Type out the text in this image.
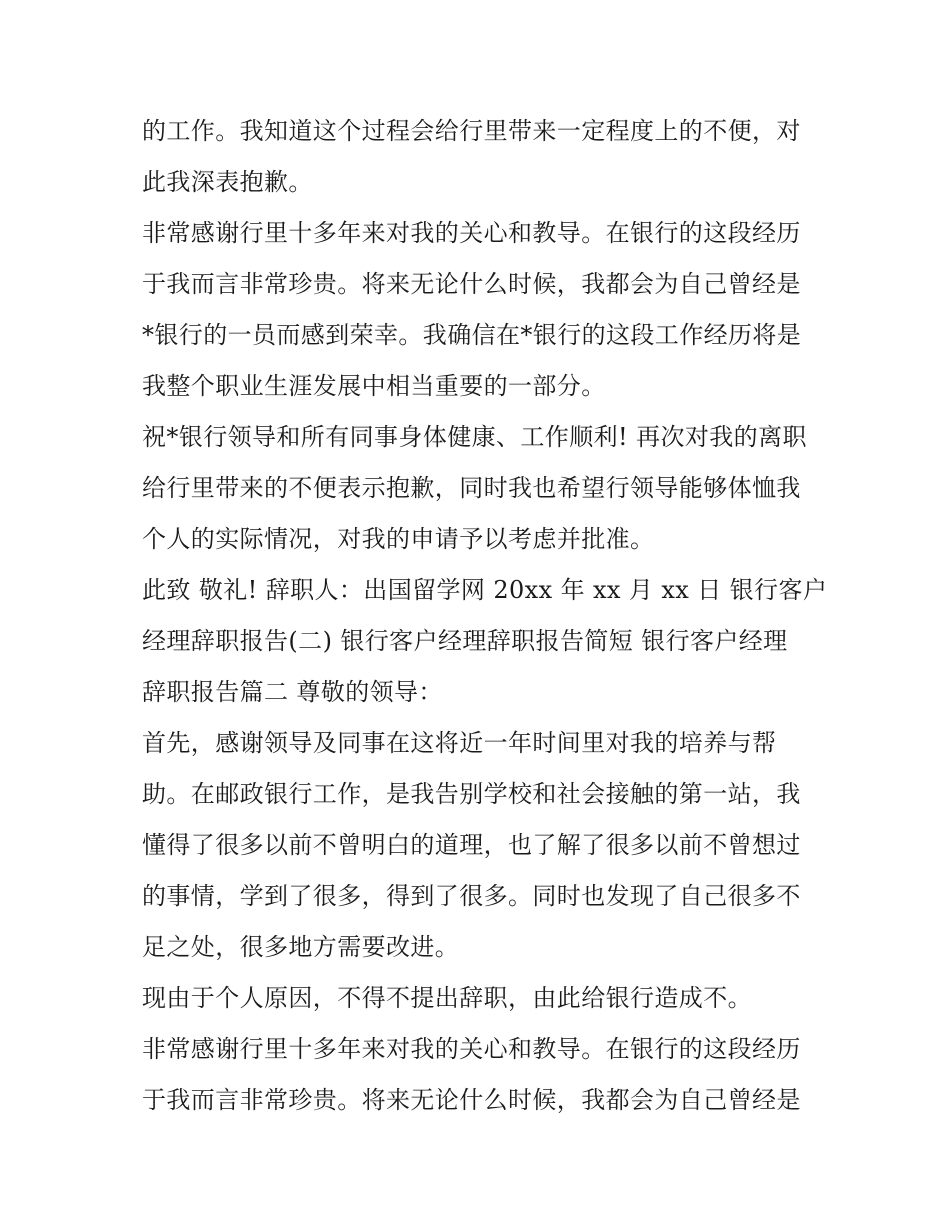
的工作。我知道这个过程会给行里带来一定程度上的不便，对
此我深表抱歉。
非常感谢行里十多年来对我的关心和教导。在银行的这段经历
于我而言非常珍贵。将来无论什么时候，我都会为自己曾经是
*银行的一员而感到荣幸。我确信在*银行的这段工作经历将是
我整个职业生涯发展中相当重要的一部分。
祝*银行领导和所有同事身体健康、工作顺利! 再次对我的离职
给行里带来的不便表示抱歉，同时我也希望行领导能够体恤我
个人的实际情况，对我的申请予以考虑并批准。
此致 敬礼! 辞职人：出国留学网 20xx 年 xx 月 xx 日 银行客户
经理辞职报告(二) 银行客户经理辞职报告简短 银行客户经理
辞职报告篇二 尊敬的领导：
首先，感谢领导及同事在这将近一年时间里对我的培养与帮
助。在邮政银行工作，是我告别学校和社会接触的第一站，我
懂得了很多以前不曾明白的道理，也了解了很多以前不曾想过
的事情，学到了很多，得到了很多。同时也发现了自己很多不
足之处，很多地方需要改进。
现由于个人原因，不得不提出辞职，由此给银行造成不。
非常感谢行里十多年来对我的关心和教导。在银行的这段经历
于我而言非常珍贵。将来无论什么时候，我都会为自己曾经是
